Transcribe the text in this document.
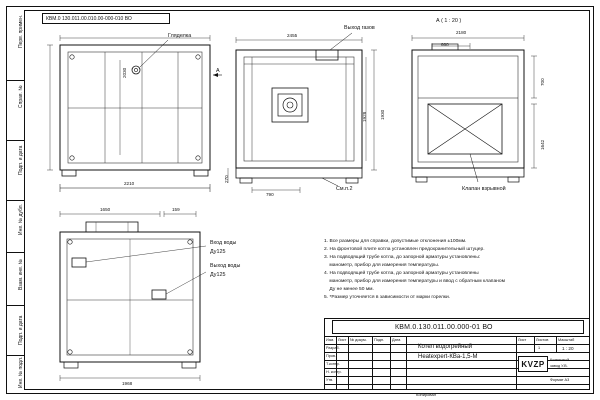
Перв. примен.
Справ. №
Подп. и дата
Инв. № дубл.
Взам. инв. №
Подп. и дата
Инв. № подл.
КВМ.0 130.011.00.010.00-000-010 ВО
Гляделка
2030
2210
А
Выход газов
2455
1930
1928
790
270
См.п.2
А ( 1 : 20 )
2180
660
700
1642
Клапан взрывной
1650	159
1968
Вход воды
Ду125
Выход воды
Ду125
1. Все размеры для справки, допустимые отклонения ±100мм.
2. На фронтовой плите котла установлен предохранительный штуцер.
3. На подводящий трубе котла, до запорной арматуры установлены:
манометр, прибор для измерения температуры.
4. На подводящей трубе котла, до запорной арматуры установлены
манометр, прибор для измерения температуры и ввод с обратным клапаном
Ду не менее 50 мм.
5. *Размер уточняется в зависимости от марки горелки.
КВМ.0.130.011.00.000-01 ВО
Изм. Лист № докум. Подп. Дата
Разраб.
Пров.
Т.контр.
Н. контр.
Утв.
Котел водогрейный
Heatexpert-КВа-1,5-М
Лист	Листов	Масштаб
1	1 : 20
KVZP	Котельный
завод У.В.
Формат A3
Копировал
